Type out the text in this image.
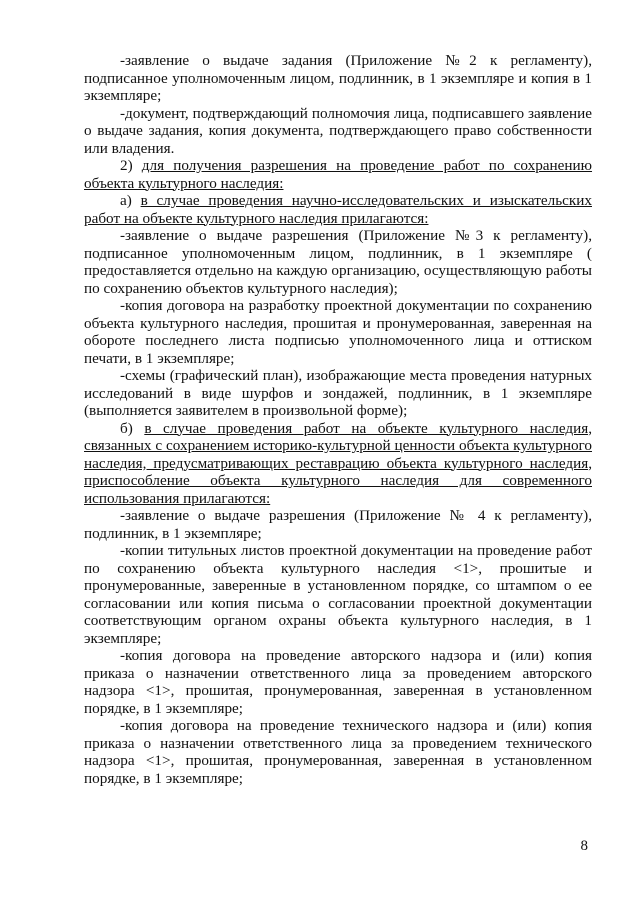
-заявление о выдаче задания (Приложение №2 к регламенту), подписанное уполномоченным лицом, подлинник, в 1 экземпляре и копия в 1 экземпляре;

-документ, подтверждающий полномочия лица, подписавшего заявление о выдаче задания, копия документа, подтверждающего право собственности или владения.

2) для получения разрешения на проведение работ по сохранению объекта культурного наследия:

а) в случае проведения научно-исследовательских и изыскательских работ на объекте культурного наследия прилагаются:

-заявление о выдаче разрешения (Приложение №3 к регламенту), подписанное уполномоченным лицом, подлинник, в 1 экземпляре ( предоставляется отдельно на каждую организацию, осуществляющую работы по сохранению объектов культурного наследия);

-копия договора на разработку проектной документации по сохранению объекта культурного наследия, прошитая и пронумерованная, заверенная на обороте последнего листа подписью уполномоченного лица и оттиском печати, в 1 экземпляре;

-схемы (графический план), изображающие места проведения натурных исследований в виде шурфов и зондажей, подлинник, в 1 экземпляре (выполняется заявителем в произвольной форме);

б) в случае проведения работ на объекте культурного наследия, связанных с сохранением историко-культурной ценности объекта культурного наследия, предусматривающих реставрацию объекта культурного наследия, приспособление объекта культурного наследия для современного использования прилагаются:

-заявление о выдаче разрешения (Приложение № 4 к регламенту), подлинник, в 1 экземпляре;

-копии титульных листов проектной документации на проведение работ по сохранению объекта культурного наследия <1>, прошитые и пронумерованные, заверенные в установленном порядке, со штампом о ее согласовании или копия письма о согласовании проектной документации соответствующим органом охраны объекта культурного наследия, в 1 экземпляре;

-копия договора на проведение авторского надзора и (или) копия приказа о назначении ответственного лица за проведением авторского надзора <1>, прошитая, пронумерованная, заверенная в установленном порядке, в 1 экземпляре;

-копия договора на проведение технического надзора и (или) копия приказа о назначении ответственного лица за проведением технического надзора <1>, прошитая, пронумерованная, заверенная в установленном порядке, в 1 экземпляре;

8
